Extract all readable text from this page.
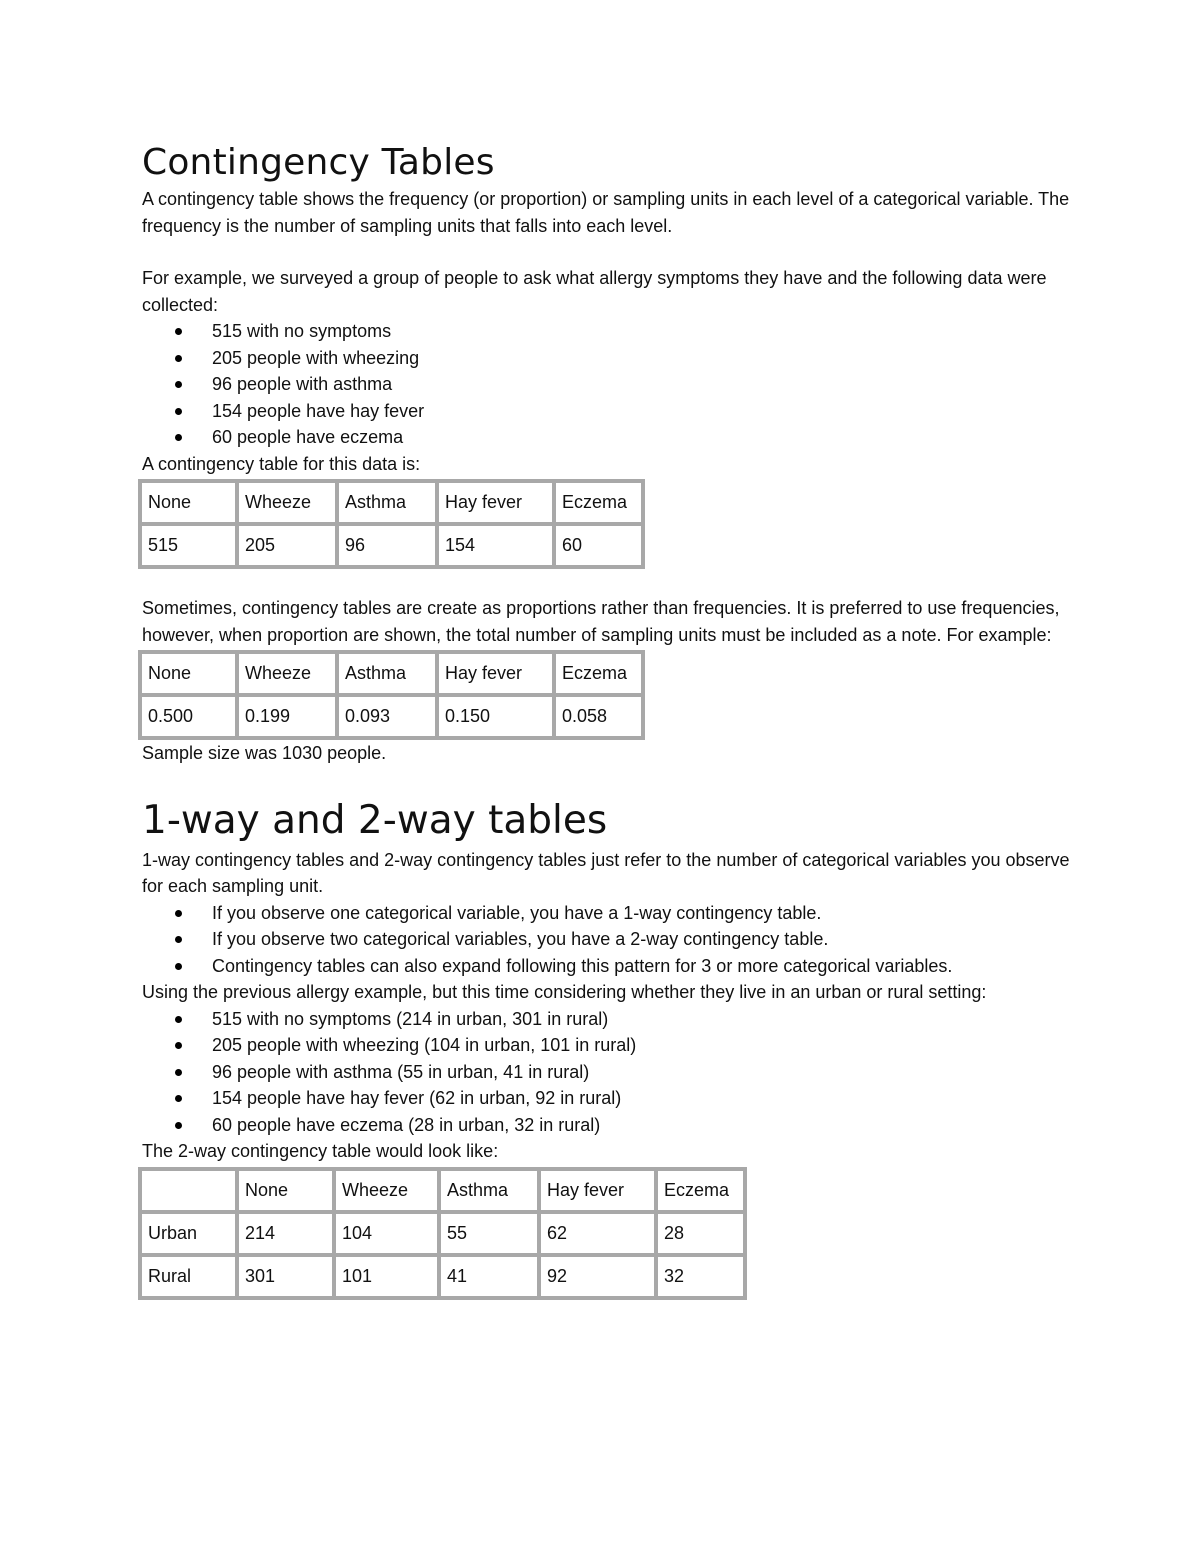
Contingency Tables

A contingency table shows the frequency (or proportion) or sampling units in each level of a categorical variable. The frequency is the number of sampling units that falls into each level.

For example, we surveyed a group of people to ask what allergy symptoms they have and the following data were collected:

515 with no symptoms
205 people with wheezing
96 people with asthma
154 people have hay fever
60 people have eczema

A contingency table for this data is:

None	Wheeze	Asthma	Hay fever	Eczema
515	205	96	154	60

Sometimes, contingency tables are create as proportions rather than frequencies. It is preferred to use frequencies, however, when proportion are shown, the total number of sampling units must be included as a note. For example:

None	Wheeze	Asthma	Hay fever	Eczema
0.500	0.199	0.093	0.150	0.058

Sample size was 1030 people.

1-way and 2-way tables

1-way contingency tables and 2-way contingency tables just refer to the number of categorical variables you observe for each sampling unit.

If you observe one categorical variable, you have a 1-way contingency table.
If you observe two categorical variables, you have a 2-way contingency table.
Contingency tables can also expand following this pattern for 3 or more categorical variables.

Using the previous allergy example, but this time considering whether they live in an urban or rural setting:

515 with no symptoms (214 in urban, 301 in rural)
205 people with wheezing (104 in urban, 101 in rural)
96 people with asthma (55 in urban, 41 in rural)
154 people have hay fever (62 in urban, 92 in rural)
60 people have eczema (28 in urban, 32 in rural)

The 2-way contingency table would look like:

	None	Wheeze	Asthma	Hay fever	Eczema
Urban	214	104	55	62	28
Rural	301	101	41	92	32
